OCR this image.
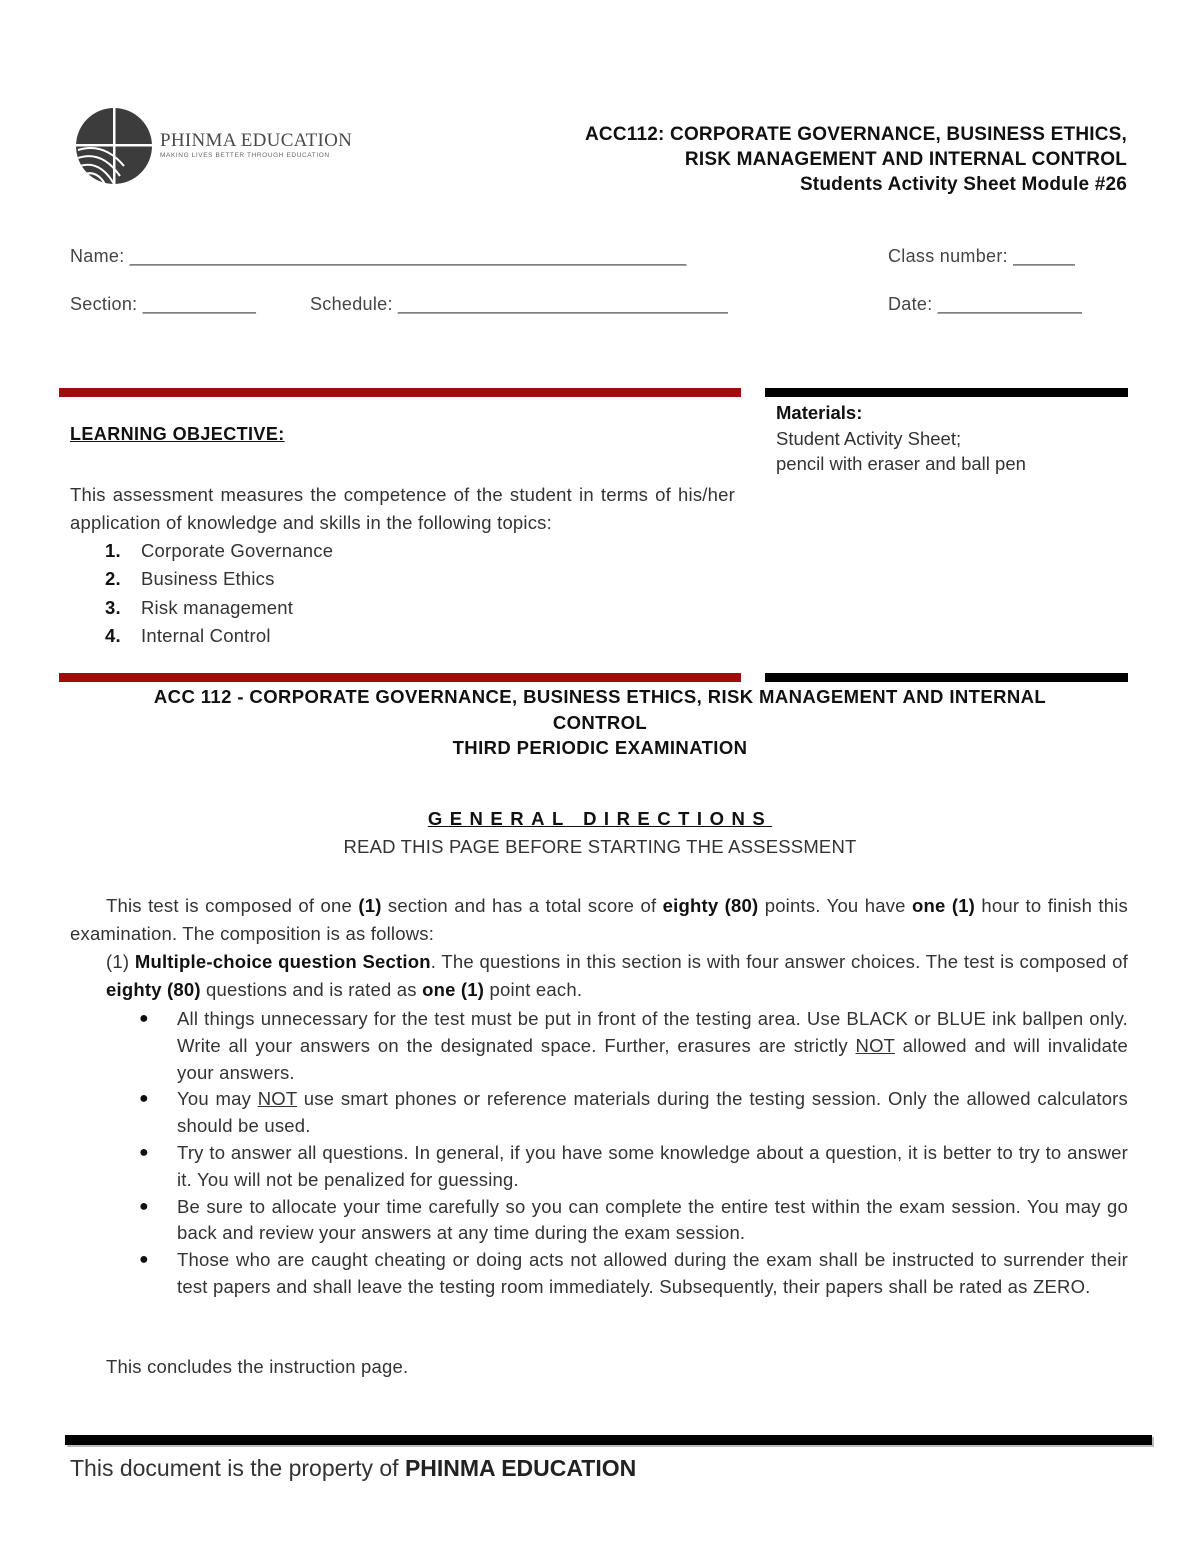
PHINMA EDUCATION
MAKING LIVES BETTER THROUGH EDUCATION
ACC112: CORPORATE GOVERNANCE, BUSINESS ETHICS,
RISK MANAGEMENT AND INTERNAL CONTROL
Students Activity Sheet Module #26
Name: ______________________________________________________	Class number: ______
Section: ___________	Schedule: ________________________________	Date: ______________
LEARNING OBJECTIVE:
This assessment measures the competence of the student in terms of his/her application of knowledge and skills in the following topics:
1. Corporate Governance
2. Business Ethics
3. Risk management
4. Internal Control
Materials:
Student Activity Sheet;
pencil with eraser and ball pen
ACC 112 - CORPORATE GOVERNANCE, BUSINESS ETHICS, RISK MANAGEMENT AND INTERNAL
CONTROL
THIRD PERIODIC EXAMINATION
GENERAL DIRECTIONS
READ THIS PAGE BEFORE STARTING THE ASSESSMENT
This test is composed of one (1) section and has a total score of eighty (80) points. You have one (1) hour to finish this examination. The composition is as follows:
(1) Multiple-choice question Section. The questions in this section is with four answer choices. The test is composed of eighty (80) questions and is rated as one (1) point each.
● All things unnecessary for the test must be put in front of the testing area. Use BLACK or BLUE ink ballpen only. Write all your answers on the designated space. Further, erasures are strictly NOT allowed and will invalidate your answers.
● You may NOT use smart phones or reference materials during the testing session. Only the allowed calculators should be used.
● Try to answer all questions. In general, if you have some knowledge about a question, it is better to try to answer it. You will not be penalized for guessing.
● Be sure to allocate your time carefully so you can complete the entire test within the exam session. You may go back and review your answers at any time during the exam session.
● Those who are caught cheating or doing acts not allowed during the exam shall be instructed to surrender their test papers and shall leave the testing room immediately. Subsequently, their papers shall be rated as ZERO.
This concludes the instruction page.
This document is the property of PHINMA EDUCATION
